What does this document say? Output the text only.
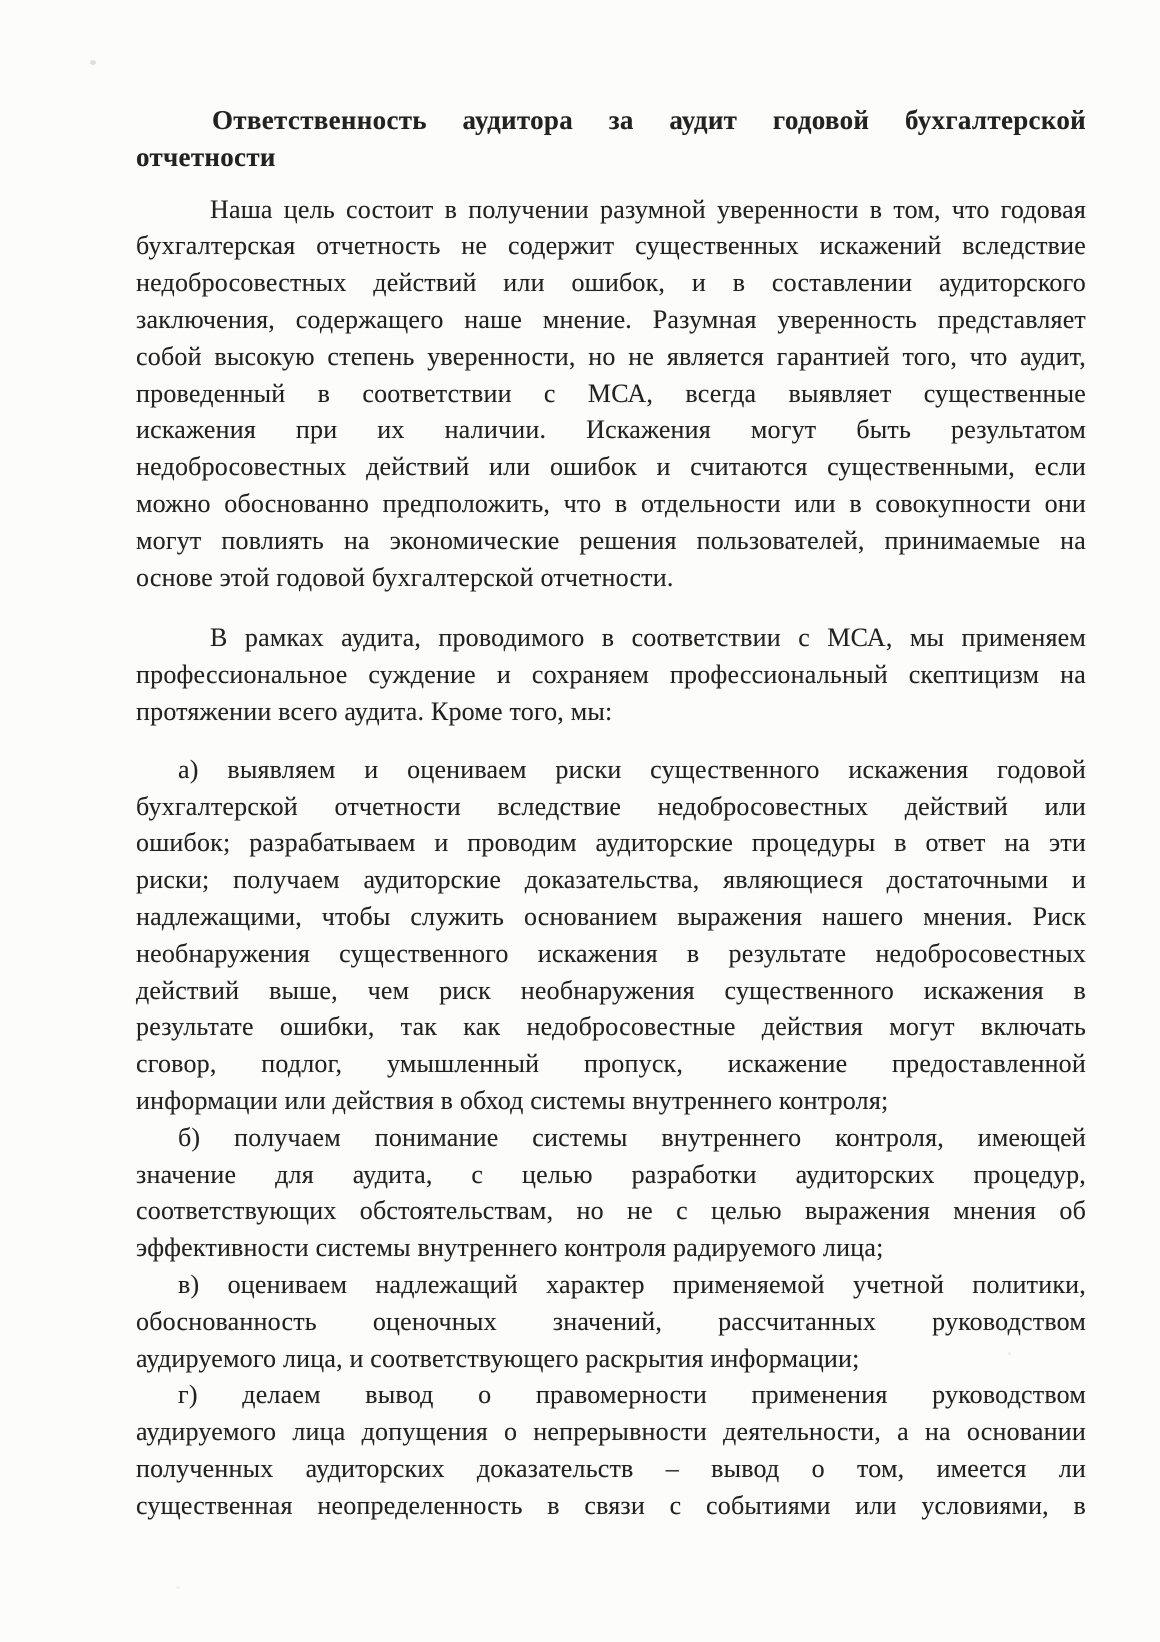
Ответственность аудитора за аудит годовой бухгалтерской
отчетности
Наша цель состоит в получении разумной уверенности в том, что годовая
бухгалтерская отчетность не содержит существенных искажений вследствие
недобросовестных действий или ошибок, и в составлении аудиторского
заключения, содержащего наше мнение. Разумная уверенность представляет
собой высокую степень уверенности, но не является гарантией того, что аудит,
проведенный в соответствии с МСА, всегда выявляет существенные
искажения при их наличии. Искажения могут быть результатом
недобросовестных действий или ошибок и считаются существенными, если
можно обоснованно предположить, что в отдельности или в совокупности они
могут повлиять на экономические решения пользователей, принимаемые на
основе этой годовой бухгалтерской отчетности.
В рамках аудита, проводимого в соответствии с МСА, мы применяем
профессиональное суждение и сохраняем профессиональный скептицизм на
протяжении всего аудита. Кроме того, мы:
а) выявляем и оцениваем риски существенного искажения годовой
бухгалтерской отчетности вследствие недобросовестных действий или
ошибок; разрабатываем и проводим аудиторские процедуры в ответ на эти
риски; получаем аудиторские доказательства, являющиеся достаточными и
надлежащими, чтобы служить основанием выражения нашего мнения. Риск
необнаружения существенного искажения в результате недобросовестных
действий выше, чем риск необнаружения существенного искажения в
результате ошибки, так как недобросовестные действия могут включать
сговор, подлог, умышленный пропуск, искажение предоставленной
информации или действия в обход системы внутреннего контроля;
б) получаем понимание системы внутреннего контроля, имеющей
значение для аудита, с целью разработки аудиторских процедур,
соответствующих обстоятельствам, но не с целью выражения мнения об
эффективности системы внутреннего контроля радируемого лица;
в) оцениваем надлежащий характер применяемой учетной политики,
обоснованность оценочных значений, рассчитанных руководством
аудируемого лица, и соответствующего раскрытия информации;
г) делаем вывод о правомерности применения руководством
аудируемого лица допущения о непрерывности деятельности, а на основании
полученных аудиторских доказательств – вывод о том, имеется ли
существенная неопределенность в связи с событиями или условиями, в
